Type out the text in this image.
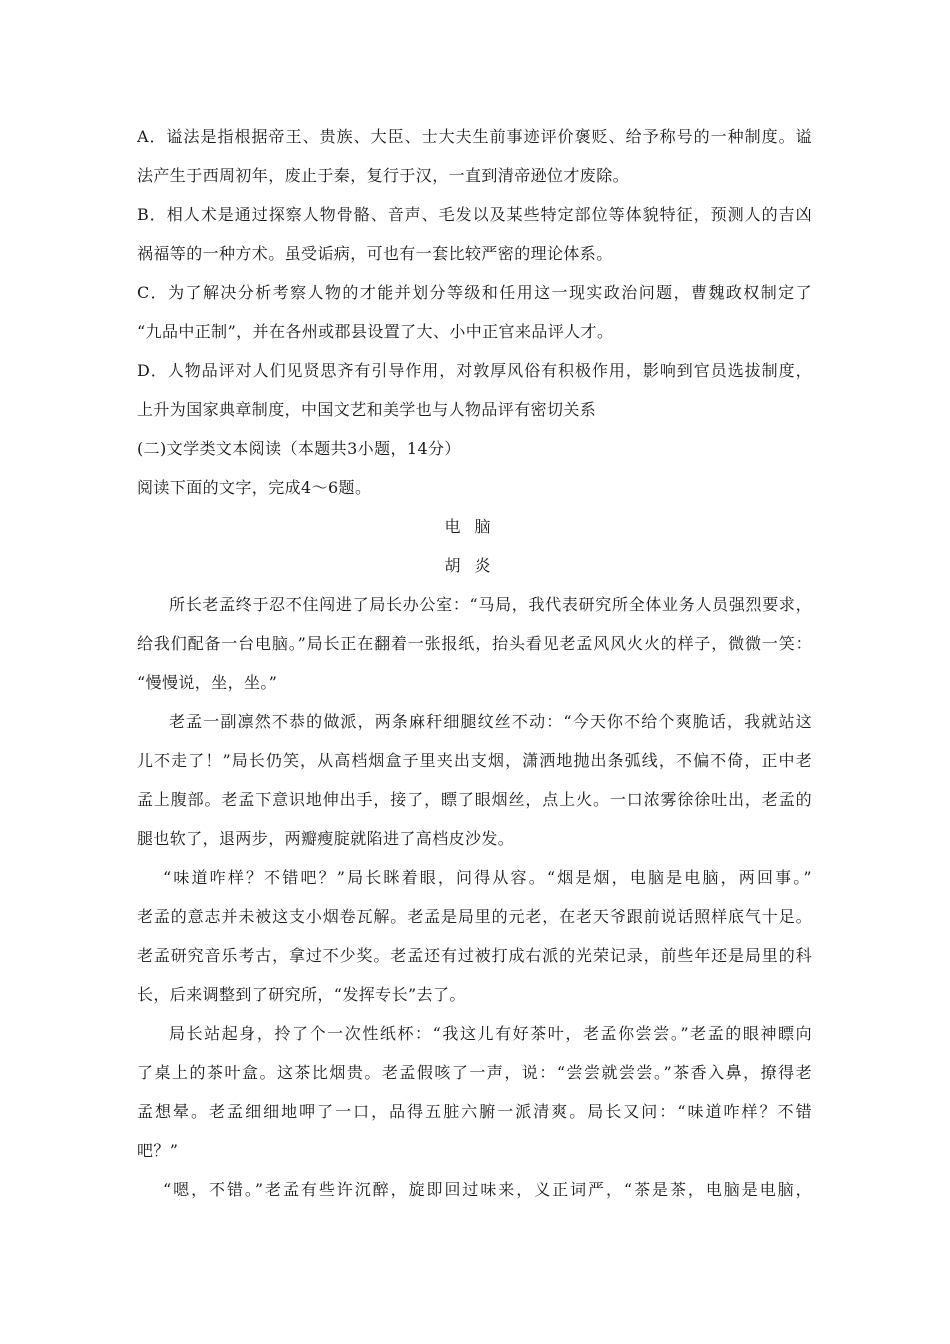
A．谥法是指根据帝王、贵族、大臣、士大夫生前事迹评价褒贬、给予称号的一种制度。谥
法产生于西周初年，废止于秦，复行于汉，一直到清帝逊位才废除。
B．相人术是通过探察人物骨骼、音声、毛发以及某些特定部位等体貌特征，预测人的吉凶
祸福等的一种方术。虽受诟病，可也有一套比较严密的理论体系。
C．为了解决分析考察人物的才能并划分等级和任用这一现实政治问题，曹魏政权制定了
“九品中正制”，并在各州或郡县设置了大、小中正官来品评人才。
D．人物品评对人们见贤思齐有引导作用，对敦厚风俗有积极作用，影响到官员选拔制度，
上升为国家典章制度，中国文艺和美学也与人物品评有密切关系
(二)文学类文本阅读（本题共3小题，14分）
阅读下面的文字，完成4～6题。
电脑
胡炎
所长老孟终于忍不住闯进了局长办公室：“马局，我代表研究所全体业务人员强烈要求，
给我们配备一台电脑。”局长正在翻着一张报纸，抬头看见老孟风风火火的样子，微微一笑：
“慢慢说，坐，坐。”
老孟一副凛然不恭的做派，两条麻秆细腿纹丝不动：“今天你不给个爽脆话，我就站这
儿不走了！”局长仍笑，从高档烟盒子里夹出支烟，潇洒地抛出条弧线，不偏不倚，正中老
孟上腹部。老孟下意识地伸出手，接了，瞟了眼烟丝，点上火。一口浓雾徐徐吐出，老孟的
腿也软了，退两步，两瓣瘦腚就陷进了高档皮沙发。
“味道咋样？不错吧？”局长眯着眼，问得从容。“烟是烟，电脑是电脑，两回事。”
老孟的意志并未被这支小烟卷瓦解。老孟是局里的元老，在老天爷跟前说话照样底气十足。
老孟研究音乐考古，拿过不少奖。老孟还有过被打成右派的光荣记录，前些年还是局里的科
长，后来调整到了研究所，“发挥专长”去了。
局长站起身，拎了个一次性纸杯：“我这儿有好茶叶，老孟你尝尝。”老孟的眼神瞟向
了桌上的茶叶盒。这茶比烟贵。老孟假咳了一声，说：“尝尝就尝尝。”茶香入鼻，撩得老
孟想晕。老孟细细地呷了一口，品得五脏六腑一派清爽。局长又问：“味道咋样？不错
吧？”
“嗯，不错。”老孟有些许沉醉，旋即回过味来，义正词严，“茶是茶，电脑是电脑，
